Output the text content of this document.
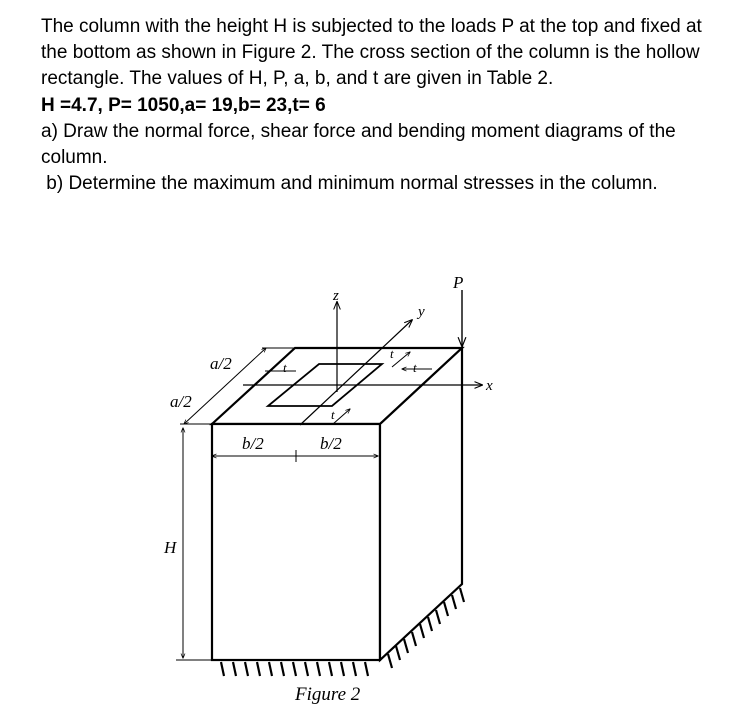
The column with the height H is subjected to the loads P at the top and fixed at the bottom as shown in Figure 2. The cross section of the column is the hollow rectangle. The values of H, P, a, b, and t are given in Table 2.

H =4.7, P= 1050,a= 19,b= 23,t= 6

a) Draw the normal force, shear force and bending moment diagrams of the column.

b) Determine the maximum and minimum normal stresses in the column.

P
z
y
x
a/2
a/2
b/2	b/2
H
t
t
t
t
Figure 2
